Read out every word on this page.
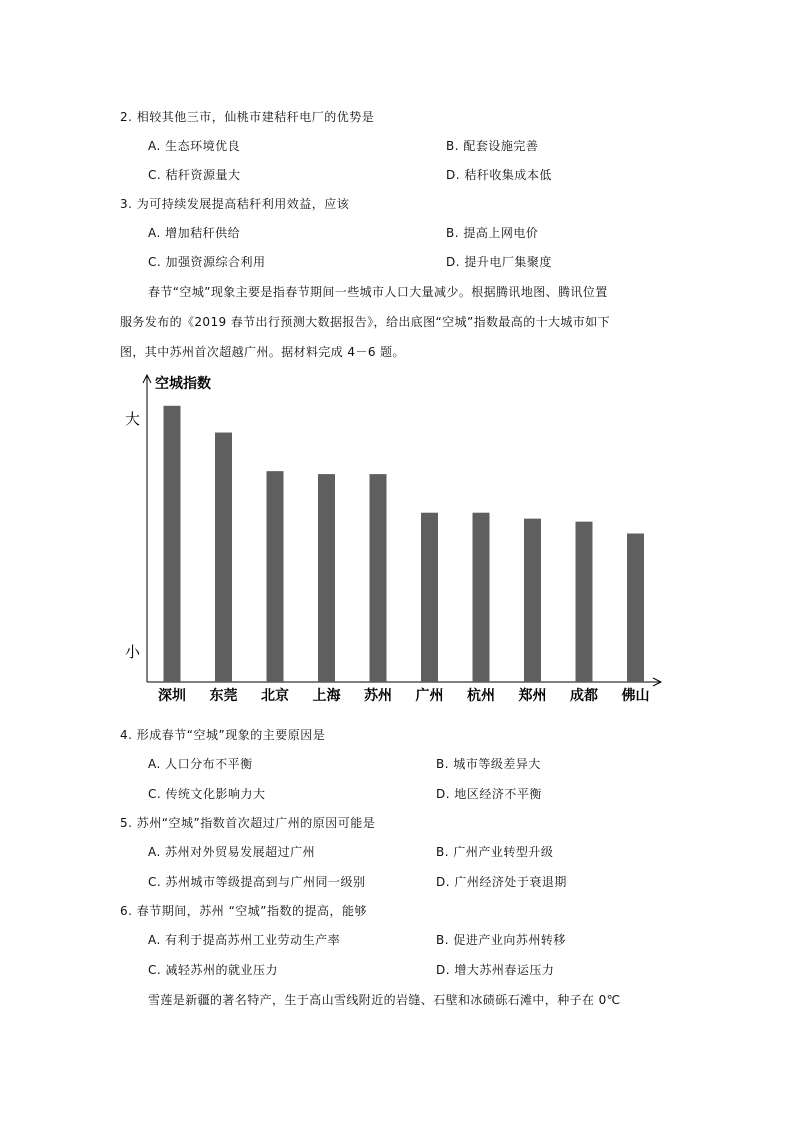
2. 相较其他三市，仙桃市建秸秆电厂的优势是
A. 生态环境优良	B. 配套设施完善
C. 秸秆资源量大	D. 秸秆收集成本低
3. 为可持续发展提高秸秆利用效益，应该
A. 增加秸秆供给	B. 提高上网电价
C. 加强资源综合利用	D. 提升电厂集聚度
春节“空城”现象主要是指春节期间一些城市人口大量减少。根据腾讯地图、腾讯位置
服务发布的《2019 春节出行预测大数据报告》，给出底图“空城”指数最高的十大城市如下
图，其中苏州首次超越广州。据材料完成 4－6 题。
空城指数
大
小
深圳 东莞 北京 上海 苏州 广州 杭州 郑州 成都 佛山
4. 形成春节“空城”现象的主要原因是
A. 人口分布不平衡	B. 城市等级差异大
C. 传统文化影响力大	D. 地区经济不平衡
5. 苏州“空城”指数首次超过广州的原因可能是
A. 苏州对外贸易发展超过广州	B. 广州产业转型升级
C. 苏州城市等级提高到与广州同一级别	D. 广州经济处于衰退期
6. 春节期间，苏州 “空城”指数的提高，能够
A. 有利于提高苏州工业劳动生产率	B. 促进产业向苏州转移
C. 减轻苏州的就业压力	D. 增大苏州春运压力
雪莲是新疆的著名特产，生于高山雪线附近的岩缝、石壁和冰碛砾石滩中，种子在 0℃
